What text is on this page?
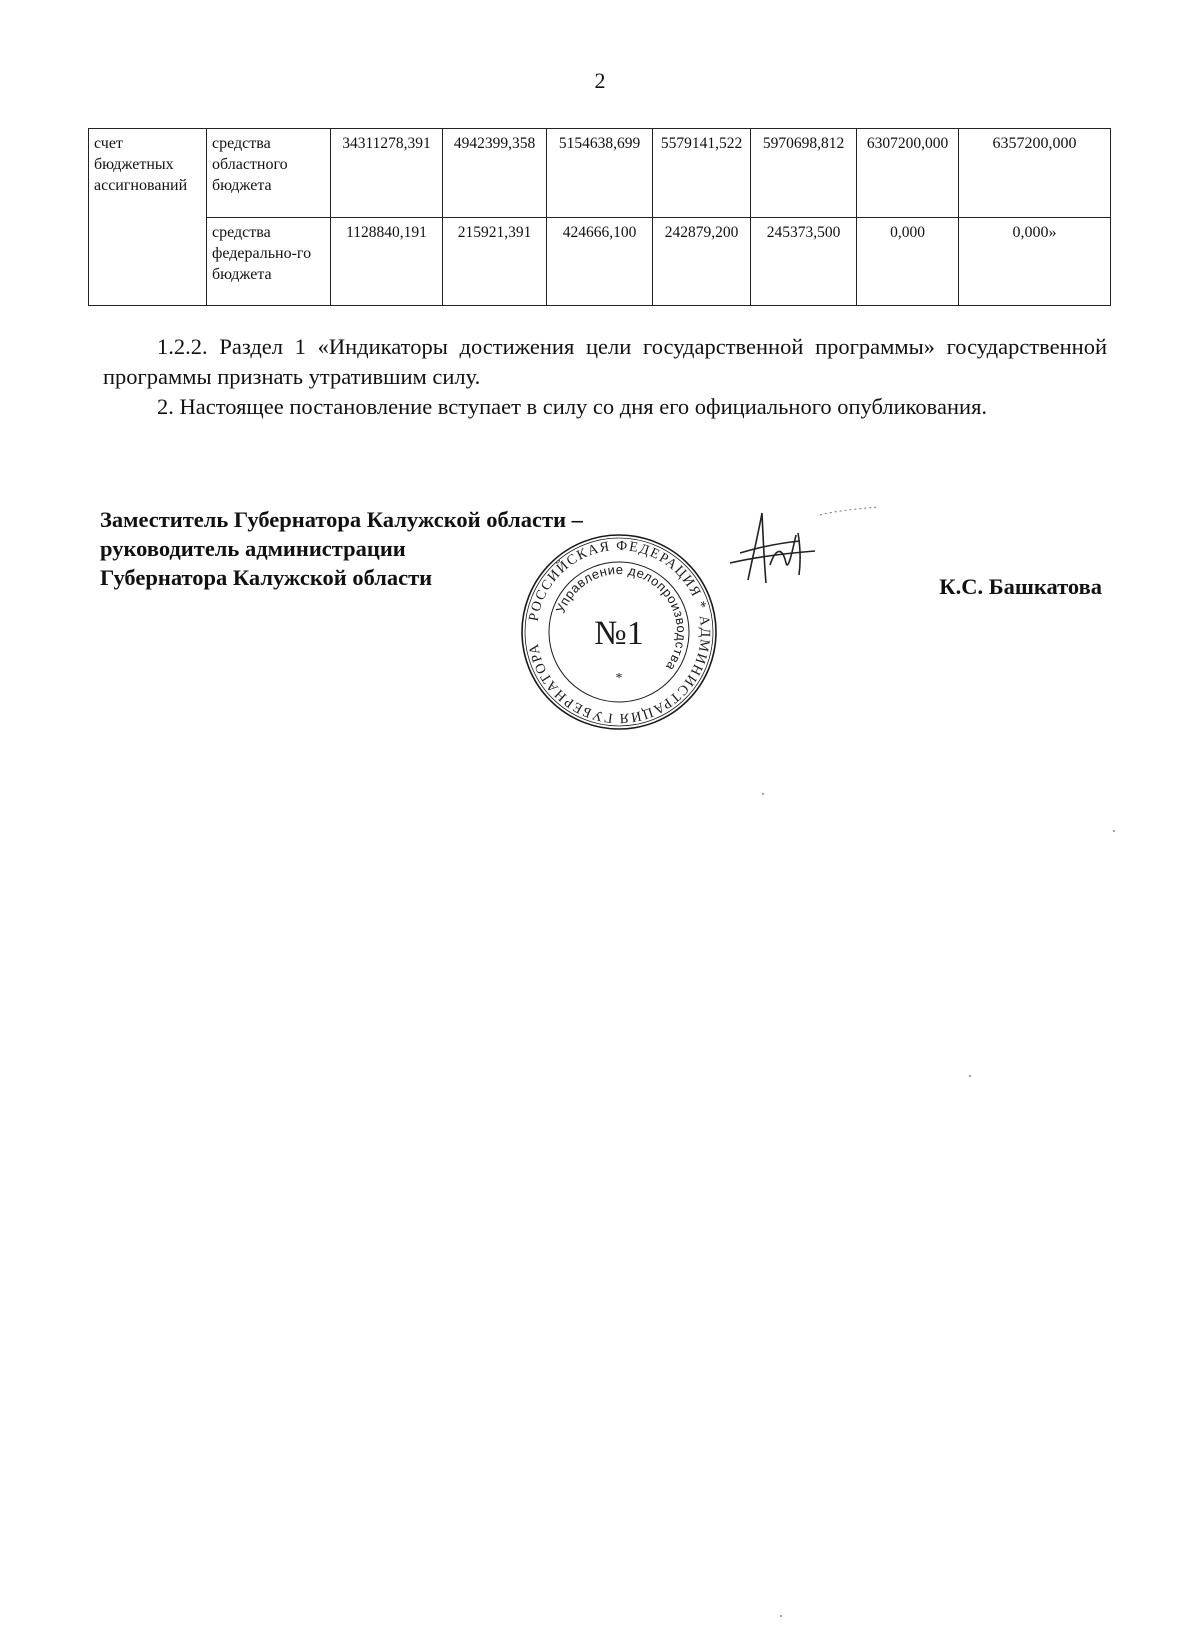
2
счет бюджетных ассигнований	средства областного бюджета	34311278,391	4942399,358	5154638,699	5579141,522	5970698,812	6307200,000	6357200,000
	средства федерально-го бюджета	1128840,191	215921,391	424666,100	242879,200	245373,500	0,000	0,000»
1.2.2. Раздел 1 «Индикаторы достижения цели государственной программы» государственной программы признать утратившим силу.
2. Настоящее постановление вступает в силу со дня его официального опубликования.
Заместитель Губернатора Калужской области –
руководитель администрации
Губернатора Калужской области
РОССИЙСКАЯ ФЕДЕРАЦИЯ * АДМИНИСТРАЦИЯ ГУБЕРНАТОРА
Управление делопроизводства
№1
*
К.С. Башкатова
